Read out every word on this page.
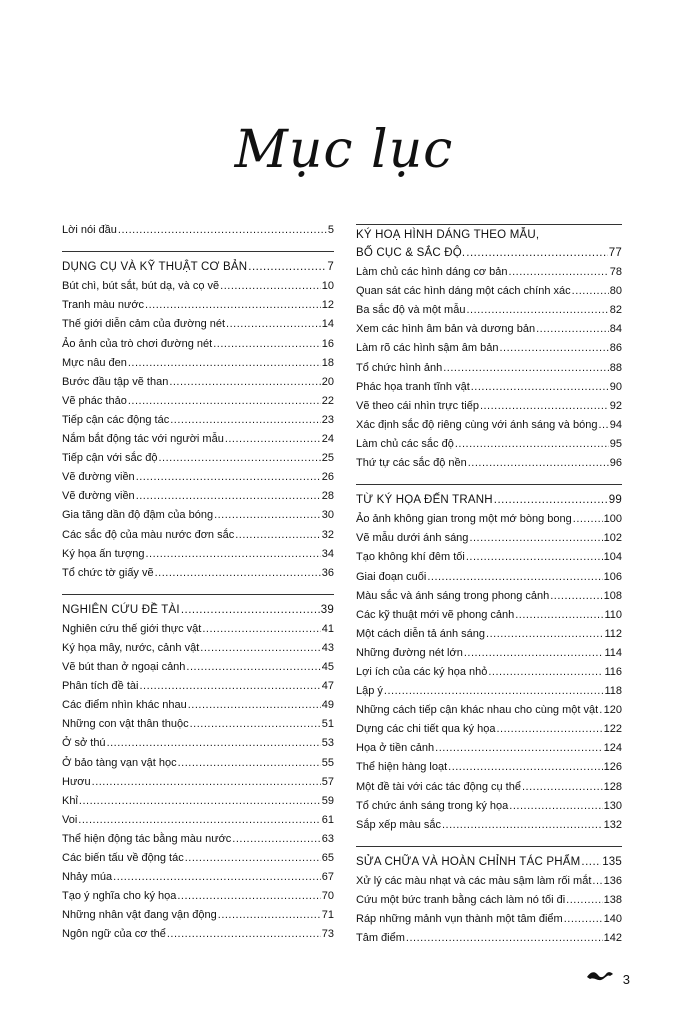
Mục lục
Lời nói đầu .....	5
DỤNG CỤ VÀ KỸ THUẬT CƠ BẢN .....	7
Bút chì, bút sắt, bút dạ, và cọ vẽ .....	10
Tranh màu nước .....	12
Thế giới diễn cảm của đường nét .....	14
Ảo ảnh của trò chơi đường nét .....	16
Mực nâu đen .....	18
Bước đầu tập vẽ than .....	20
Vẽ phác thảo .....	22
Tiếp cận các động tác .....	23
Nắm bắt động tác với người mẫu .....	24
Tiếp cận với sắc độ .....	25
Vẽ đường viền .....	26
Vẽ đường viền .....	28
Gia tăng dần độ đậm của bóng .....	30
Các sắc độ của màu nước đơn sắc .....	32
Ký họa ấn tượng .....	34
Tổ chức tờ giấy vẽ .....	36
NGHIÊN CỨU ĐỀ TÀI .....	39
Nghiên cứu thế giới thực vật .....	41
Ký họa mây, nước, cảnh vật .....	43
Vẽ bút than ở ngoại cảnh .....	45
Phân tích đề tài .....	47
Các điểm nhìn khác nhau .....	49
Những con vật thân thuộc .....	51
Ở sở thú .....	53
Ở bảo tàng vạn vật học .....	55
Hươu .....	57
Khỉ .....	59
Voi .....	61
Thể hiện động tác bằng màu nước .....	63
Các biến tấu về động tác .....	65
Nhảy múa .....	67
Tạo ý nghĩa cho ký họa .....	70
Những nhân vật đang vận động .....	71
Ngôn ngữ của cơ thể .....	73
KÝ HOẠ HÌNH DÁNG THEO MẪU,
BỐ CỤC & SẮC ĐỘ. .....	77
Làm chủ các hình dáng cơ bản .....	78
Quan sát các hình dáng một cách chính xác .....	80
Ba sắc độ và một mẫu .....	82
Xem các hình âm bản và dương bản .....	84
Làm rõ các hình sậm âm bản .....	86
Tổ chức hình ảnh .....	88
Phác họa tranh tĩnh vật .....	90
Vẽ theo cái nhìn trực tiếp .....	92
Xác định sắc độ riêng cùng với ánh sáng và bóng ..... 94
Làm chủ các sắc độ .....	95
Thứ tự các sắc độ nền .....	96
TỪ KÝ HỌA ĐẾN TRANH .....	99
Ảo ảnh không gian trong một mớ bòng bong .....	100
Vẽ mẫu dưới ánh sáng .....	102
Tạo không khí đêm tối .....	104
Giai đoạn cuối .....	106
Màu sắc và ánh sáng trong phong cảnh .....	108
Các kỹ thuật mới vẽ phong cảnh .....	110
Một cách diễn tả ánh sáng .....	112
Những đường nét lớn .....	114
Lợi ích của các ký họa nhỏ .....	116
Lập ý .....	118
Những cách tiếp cận khác nhau cho cùng một vật ..... 120
Dựng các chi tiết qua ký họa .....	122
Họa ở tiền cảnh .....	124
Thể hiện hàng loạt .....	126
Một đề tài với các tác động cụ thể .....	128
Tổ chức ánh sáng trong ký họa .....	130
Sắp xếp màu sắc .....	132
SỬA CHỮA VÀ HOÀN CHỈNH TÁC PHẨM ..... 135
Xử lý các màu nhạt và các màu sậm làm rối mắt ..... 136
Cứu một bức tranh bằng cách làm nó tối đi .....	138
Ráp những mảnh vụn thành một tâm điểm .....	140
Tâm điểm .....	142
3
